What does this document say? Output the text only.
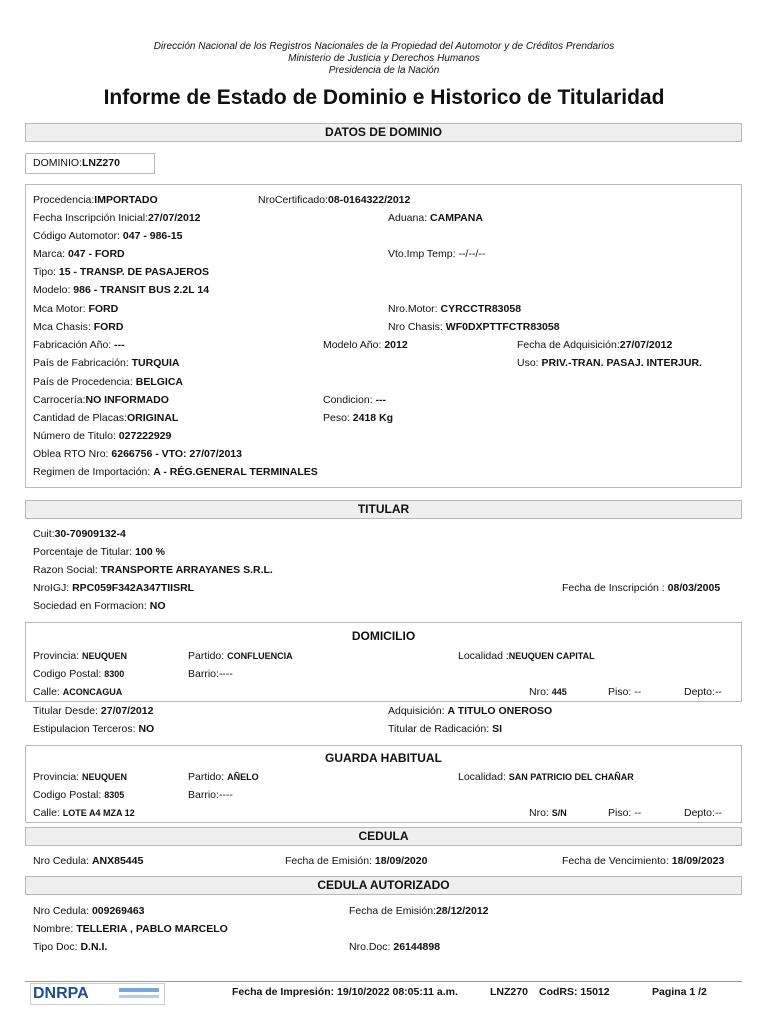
Dirección Nacional de los Registros Nacionales de la Propiedad del Automotor y de Créditos Prendarios
Ministerio de Justicia y Derechos Humanos
Presidencia de la Nación
Informe de Estado de Dominio e Historico de Titularidad
DATOS DE DOMINIO
DOMINIO:LNZ270
Procedencia:IMPORTADO	NroCertificado:08-0164322/2012
Fecha Inscripción Inicial:27/07/2012	Aduana: CAMPANA
Código Automotor: 047 - 986-15
Marca: 047 - FORD	Vto.Imp Temp: --/--/--
Tipo: 15 - TRANSP. DE PASAJEROS
Modelo: 986 - TRANSIT BUS 2.2L 14
Mca Motor: FORD	Nro.Motor: CYRCCTR83058
Mca Chasis: FORD	Nro Chasis: WF0DXPTTFCTR83058
Fabricación Año: ---	Modelo Año: 2012	Fecha de Adquisición:27/07/2012
País de Fabricación: TURQUIA	Uso: PRIV.-TRAN. PASAJ. INTERJUR.
País de Procedencia: BELGICA
Carrocería:NO INFORMADO	Condicion: ---
Cantidad de Placas:ORIGINAL	Peso: 2418 Kg
Número de Titulo: 027222929
Oblea RTO Nro: 6266756 - VTO: 27/07/2013
Regimen de Importación: A - RÉG.GENERAL TERMINALES
TITULAR
Cuit:30-70909132-4
Porcentaje de Titular: 100 %
Razon Social: TRANSPORTE ARRAYANES S.R.L.
NroIGJ: RPC059F342A347TIISRL	Fecha de Inscripción : 08/03/2005
Sociedad en Formacion: NO
DOMICILIO
Provincia: NEUQUEN	Partido: CONFLUENCIA	Localidad :NEUQUEN CAPITAL
Codigo Postal: 8300	Barrio:----
Calle: ACONCAGUA	Nro: 445	Piso: --	Depto:--
Titular Desde: 27/07/2012	Adquisición: A TITULO ONEROSO
Estipulacion Terceros: NO	Titular de Radicación: SI
GUARDA HABITUAL
Provincia: NEUQUEN	Partido: AÑELO	Localidad: SAN PATRICIO DEL CHAÑAR
Codigo Postal: 8305	Barrio:----
Calle: LOTE A4 MZA 12	Nro: S/N	Piso: --	Depto:--
CEDULA
Nro Cedula: ANX85445	Fecha de Emisión: 18/09/2020	Fecha de Vencimiento: 18/09/2023
CEDULA AUTORIZADO
Nro Cedula: 009269463	Fecha de Emisión:28/12/2012
Nombre: TELLERIA , PABLO MARCELO
Tipo Doc: D.N.I.	Nro.Doc: 26144898
DNRPA	Fecha de Impresión: 19/10/2022 08:05:11 a.m.	LNZ270 CodRS: 15012	Pagina 1 /2
